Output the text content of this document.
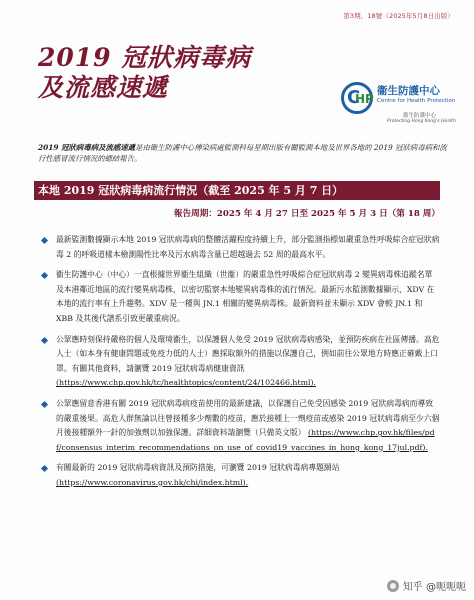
第3期，18號（2025年5月8日出版）
2019 冠狀病毒病
及流感速遞	C
HP
衞生防護中心
Centre for Health Protection
衞生防護中心
Protecting Hong Kong's Health
2019 冠狀病毒病及流感速遞是由衞生防護中心傳染病處監測科每星期出版有關監測本地及世界各地的 2019 冠狀病毒病和流行性感冒流行情況的總結報告。
本地 2019 冠狀病毒病流行情況（截至 2025 年 5 月 7 日）
報告周期：2025 年 4 月 27 日至 2025 年 5 月 3 日（第 18 周）
最新監測數據顯示本地 2019 冠狀病毒病的整體活躍程度持續上升，部分監測指標如嚴重急性呼吸綜合症冠狀病毒 2 的呼吸道樣本檢測陽性比率及污水病毒含量已超越過去 52 周的最高水平。
衞生防護中心（中心）一直根據世界衞生組織（世衞）的嚴重急性呼吸綜合症冠狀病毒 2 變異病毒株追蹤名單及本港鄰近地區的流行變異病毒株，以密切監察本地變異病毒株的流行情況。最新污水監測數據顯示，XDV 在本地的流行率有上升趨勢。XDV 是一種與 JN.1 相關的變異病毒株。最新資料並未顯示 XDV 會較 JN.1 和 XBB 及其後代譜系引致更嚴重病況。
公眾應時刻保持嚴格的個人及環境衞生，以保護個人免受 2019 冠狀病毒病感染，並預防疾病在社區傳播。高危人士（如本身有健康問題或免疫力低的人士）應採取額外的措施以保護自己，例如前往公眾地方時應正確戴上口罩。有關其他資料，請瀏覽 2019 冠狀病毒病健康資訊 (https://www.chp.gov.hk/tc/healthtopics/content/24/102466.html).
公眾應留意香港有關 2019 冠狀病毒病疫苗使用的最新建議，以保護自己免受因感染 2019 冠狀病毒病而導致的嚴重後果。高危人群無論以往曾接種多少劑數的疫苗，應於接種上一劑疫苗或感染 2019 冠狀病毒病至少六個月後接種額外一針的加強劑以加強保護。詳細資料請瀏覽（只備英文版） (https://www.chp.gov.hk/files/pdf/consensus_interim_recommendations_on_use_of_covid19_vaccines_in_hong_kong_17jul.pdf).
有關最新的 2019 冠狀病毒病資訊及預防措施，可瀏覽 2019 冠狀病毒病專題網站 (https://www.coronavirus.gov.hk/chi/index.html).
知乎 @呃呃呃
